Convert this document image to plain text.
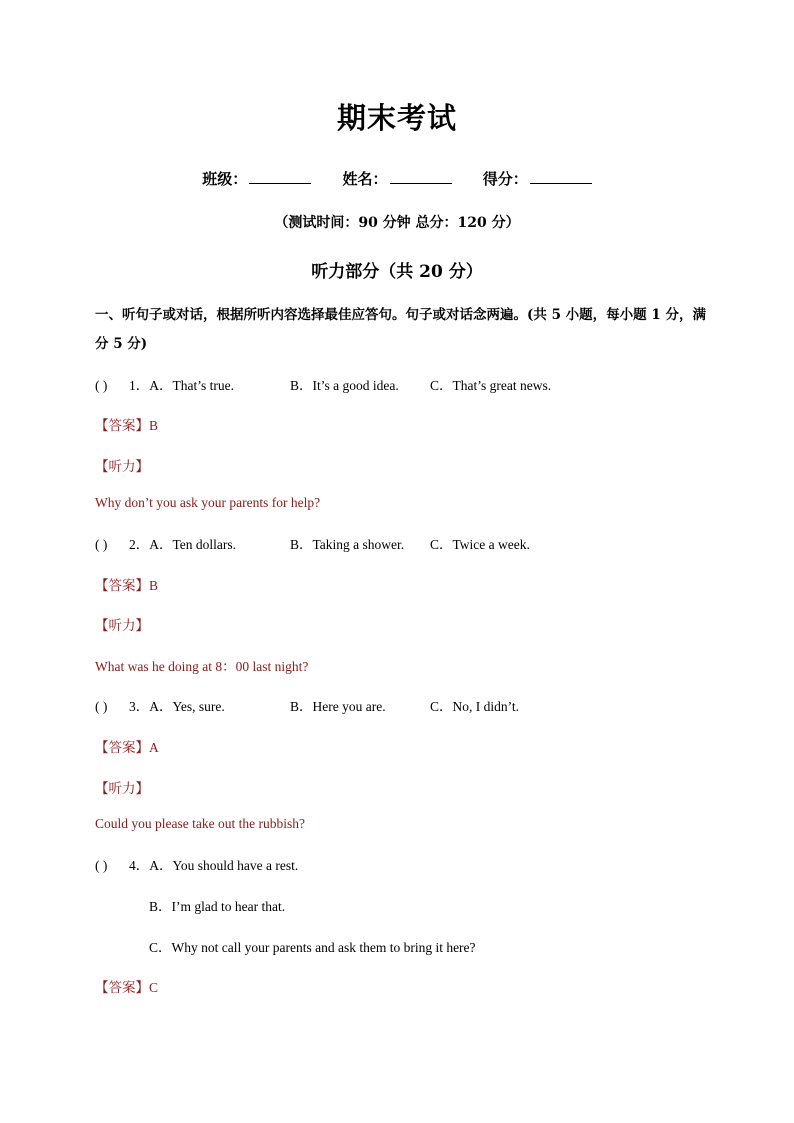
期末考试
班级：	姓名：	得分：
（测试时间：90 分钟 总分：120 分）
听力部分（共 20 分）
一、听句子或对话，根据所听内容选择最佳应答句。句子或对话念两遍。(共 5 小题，每小题 1 分，满分 5 分)
( ) 1．A．That’s true.	B．It’s a good idea. C．That’s great news.
【答案】B
【听力】
Why don’t you ask your parents for help?
( ) 2．A．Ten dollars.	B．Taking a shower. C．Twice a week.
【答案】B
【听力】
What was he doing at 8：00 last night?
( ) 3．A．Yes, sure.	B．Here you are.	C．No, I didn’t.
【答案】A
【听力】
Could you please take out the rubbish?
( ) 4．A．You should have a rest.
B．I’m glad to hear that.
C．Why not call your parents and ask them to bring it here?
【答案】C
